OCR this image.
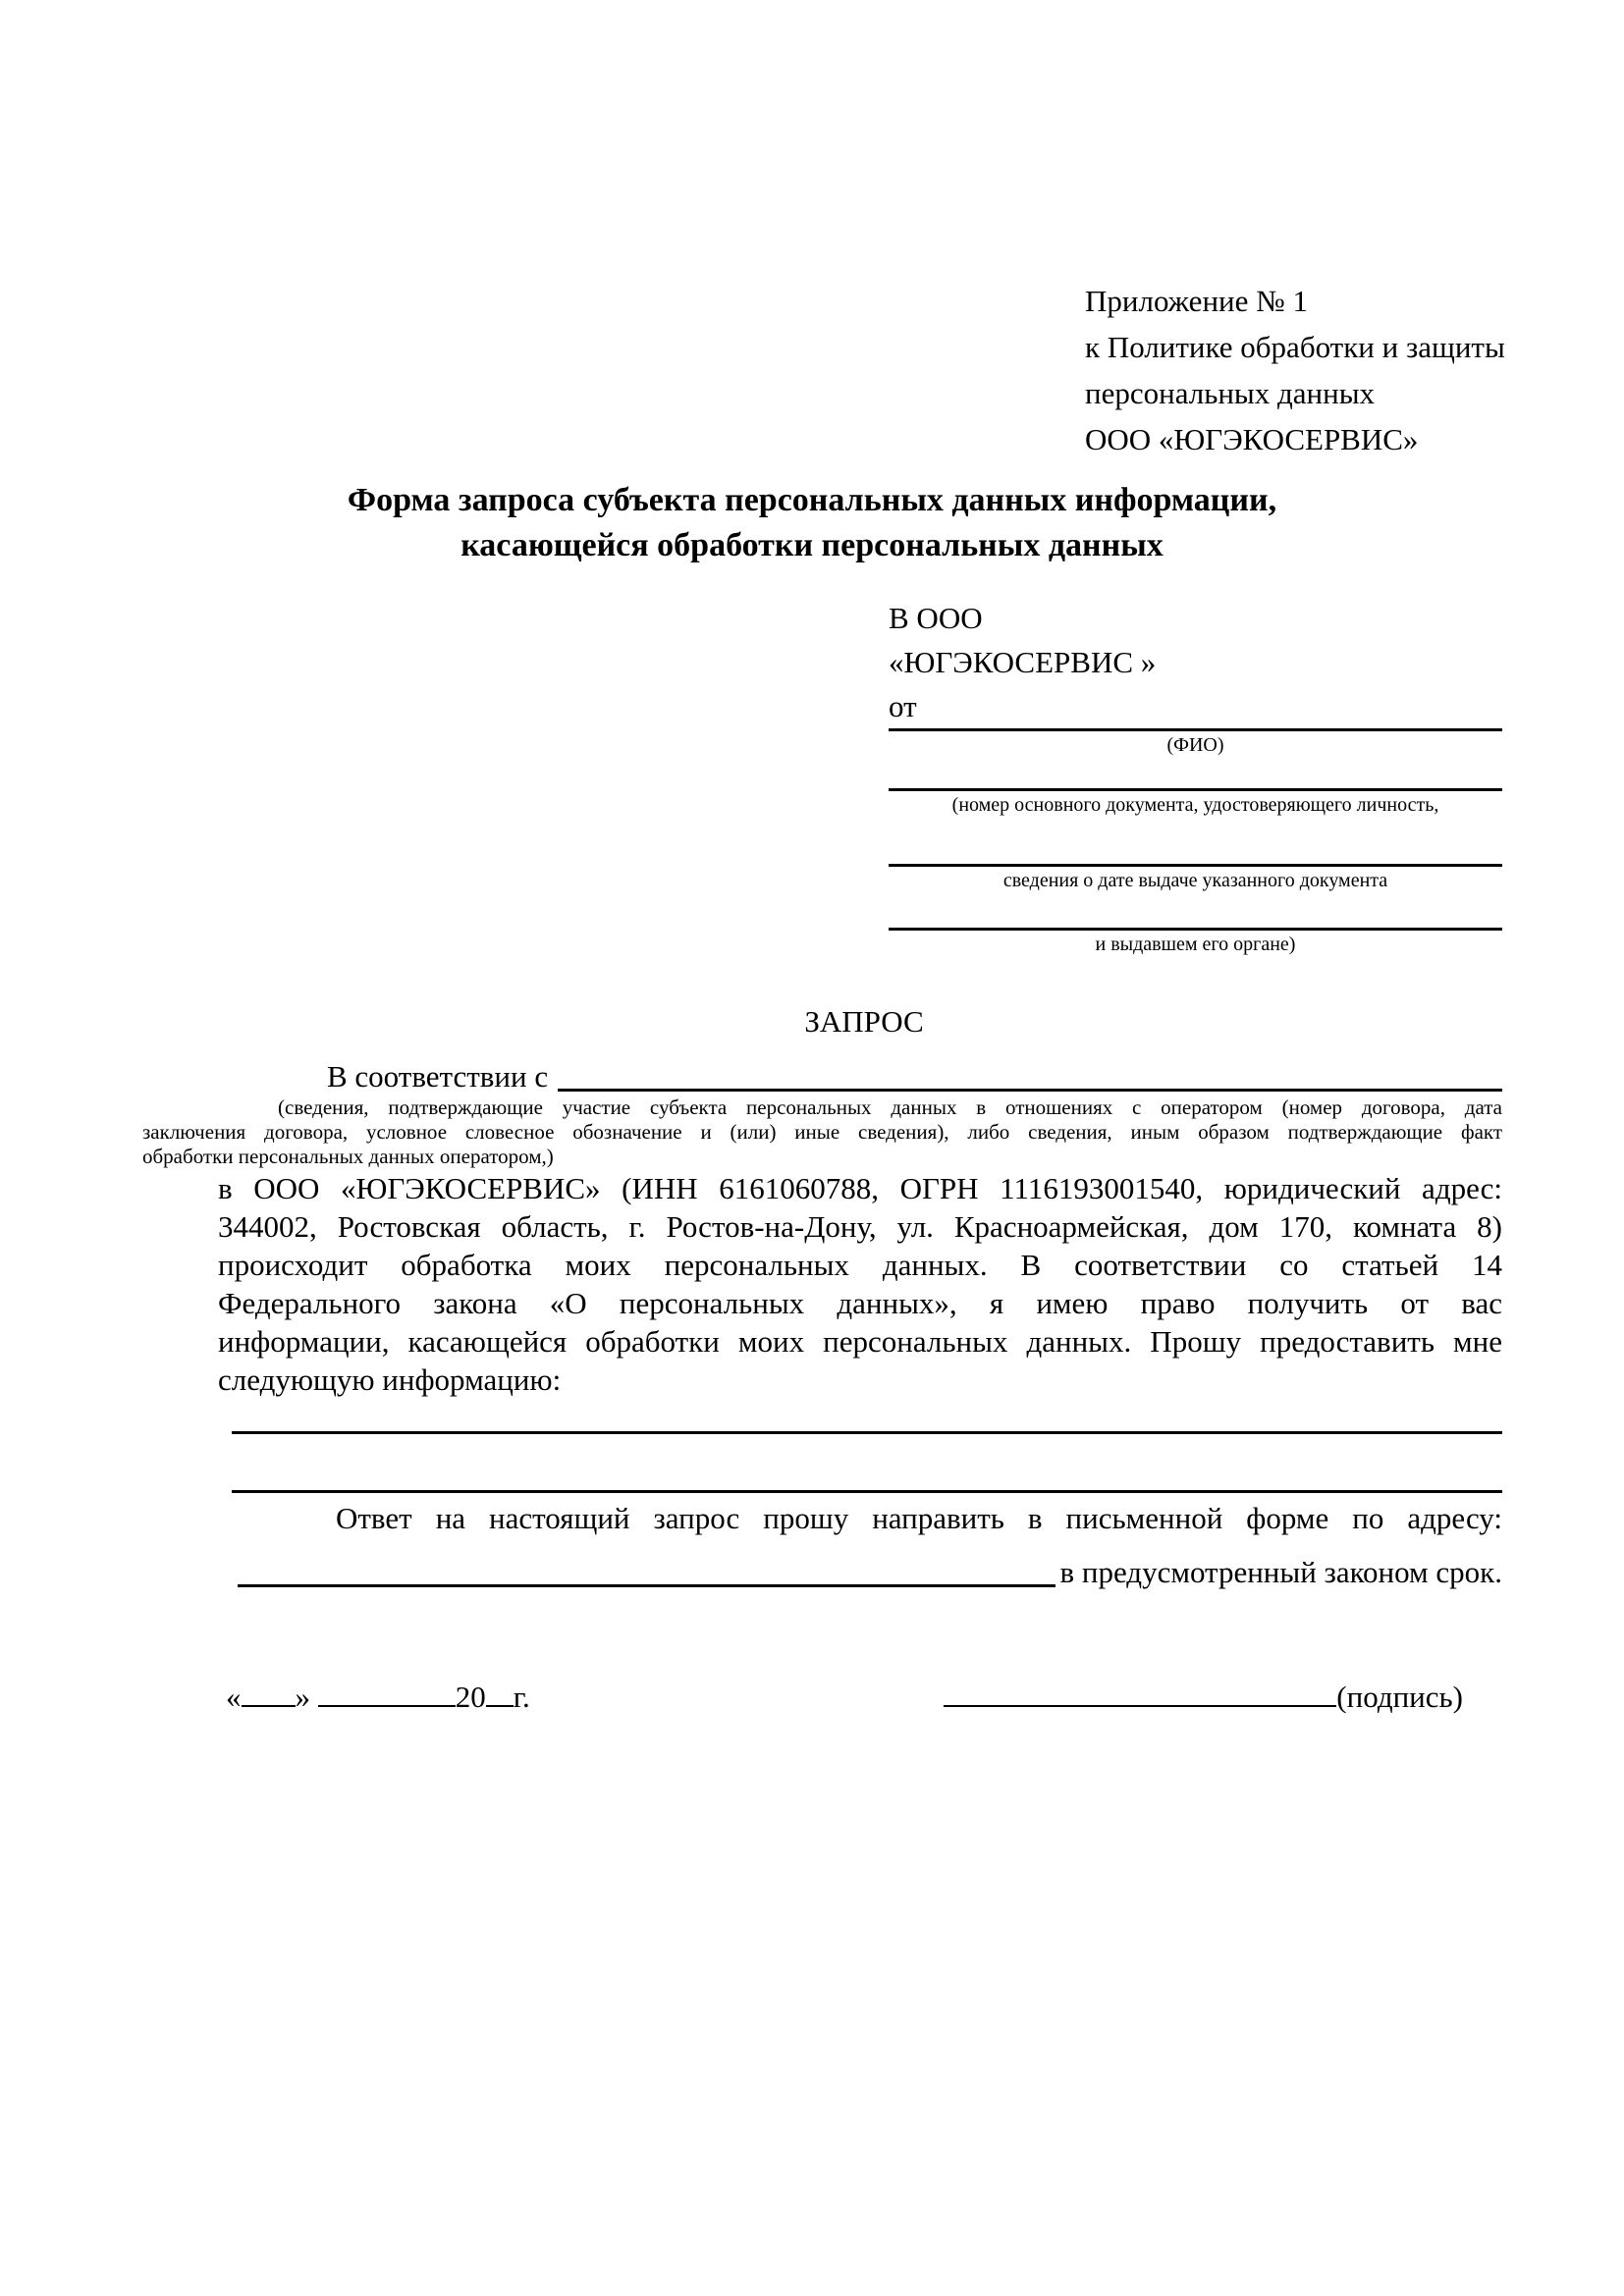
Приложение № 1
к Политике обработки и защиты
персональных данных
ООО «ЮГЭКОСЕРВИС»
Форма запроса субъекта персональных данных информации,
касающейся обработки персональных данных
В ООО
«ЮГЭКОСЕРВИС »
от
(ФИО)
(номер основного документа, удостоверяющего личность,
сведения о дате выдаче указанного документа
и выдавшем его органе)
ЗАПРОС
В соответствии с
(сведения, подтверждающие участие субъекта персональных данных в отношениях с оператором (номер договора, дата
заключения договора, условное словесное обозначение и (или) иные сведения), либо сведения, иным образом подтверждающие факт
обработки персональных данных оператором,)
в ООО «ЮГЭКОСЕРВИС» (ИНН 6161060788, ОГРН 1116193001540, юридический адрес:
344002, Ростовская область, г. Ростов-на-Дону, ул. Красноармейская, дом 170, комната 8)
происходит обработка моих персональных данных. В соответствии со статьей 14
Федерального закона «О персональных данных», я имею право получить от вас
информации, касающейся обработки моих персональных данных. Прошу предоставить мне
следующую информацию:
Ответ на настоящий запрос прошу направить в письменной форме по адресу:
в предусмотренный законом срок.
« »	20 г.	(подпись)
